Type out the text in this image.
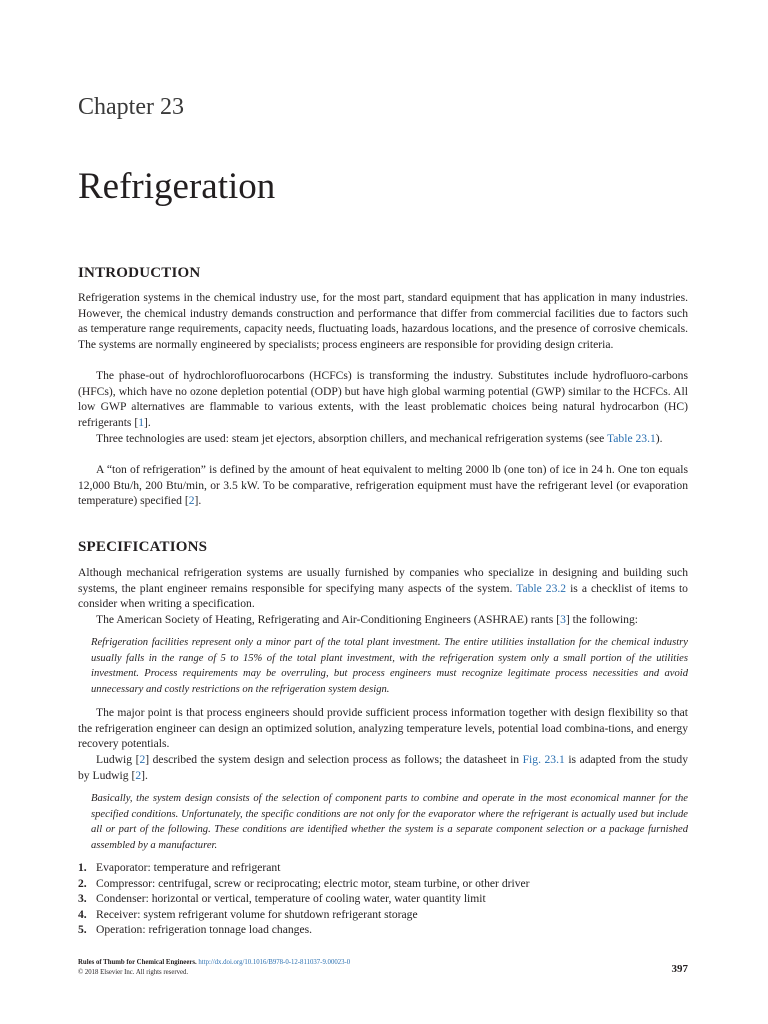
Chapter 23
Refrigeration
INTRODUCTION

Refrigeration systems in the chemical industry use, for the most part, standard equipment that has application in many industries. However, the chemical industry demands construction and performance that differ from commercial facilities due to factors such as temperature range requirements, capacity needs, fluctuating loads, hazardous locations, and the presence of corrosive chemicals. The systems are normally engineered by specialists; process engineers are responsible for providing design criteria.

The phase-out of hydrochlorofluorocarbons (HCFCs) is transforming the industry. Substitutes include hydrofluoro-carbons (HFCs), which have no ozone depletion potential (ODP) but have high global warming potential (GWP) similar to the HCFCs. All low GWP alternatives are flammable to various extents, with the least problematic choices being natural hydrocarbon (HC) refrigerants [1].

Three technologies are used: steam jet ejectors, absorption chillers, and mechanical refrigeration systems (see Table 23.1).

A “ton of refrigeration” is defined by the amount of heat equivalent to melting 2000 lb (one ton) of ice in 24 h. One ton equals 12,000 Btu/h, 200 Btu/min, or 3.5 kW. To be comparative, refrigeration equipment must have the refrigerant level (or evaporation temperature) specified [2].

SPECIFICATIONS

Although mechanical refrigeration systems are usually furnished by companies who specialize in designing and building such systems, the plant engineer remains responsible for specifying many aspects of the system. Table 23.2 is a checklist of items to consider when writing a specification.

The American Society of Heating, Refrigerating and Air-Conditioning Engineers (ASHRAE) rants [3] the following:

Refrigeration facilities represent only a minor part of the total plant investment. The entire utilities installation for the chemical industry usually falls in the range of 5 to 15% of the total plant investment, with the refrigeration system only a small portion of the utilities investment. Process requirements may be overruling, but process engineers must recognize legitimate process necessities and avoid unnecessary and costly restrictions on the refrigeration system design.

The major point is that process engineers should provide sufficient process information together with design flexibility so that the refrigeration engineer can design an optimized solution, analyzing temperature levels, potential load combina-tions, and energy recovery potentials.

Ludwig [2] described the system design and selection process as follows; the datasheet in Fig. 23.1 is adapted from the study by Ludwig [2].

Basically, the system design consists of the selection of component parts to combine and operate in the most economical manner for the specified conditions. Unfortunately, the specific conditions are not only for the evaporator where the refrigerant is actually used but include all or part of the following. These conditions are identified whether the system is a separate component selection or a package furnished assembled by a manufacturer.

1. Evaporator: temperature and refrigerant
2. Compressor: centrifugal, screw or reciprocating; electric motor, steam turbine, or other driver
3. Condenser: horizontal or vertical, temperature of cooling water, water quantity limit
4. Receiver: system refrigerant volume for shutdown refrigerant storage
5. Operation: refrigeration tonnage load changes.
Rules of Thumb for Chemical Engineers. http://dx.doi.org/10.1016/B978-0-12-811037-9.00023-0
© 2018 Elsevier Inc. All rights reserved.	397
